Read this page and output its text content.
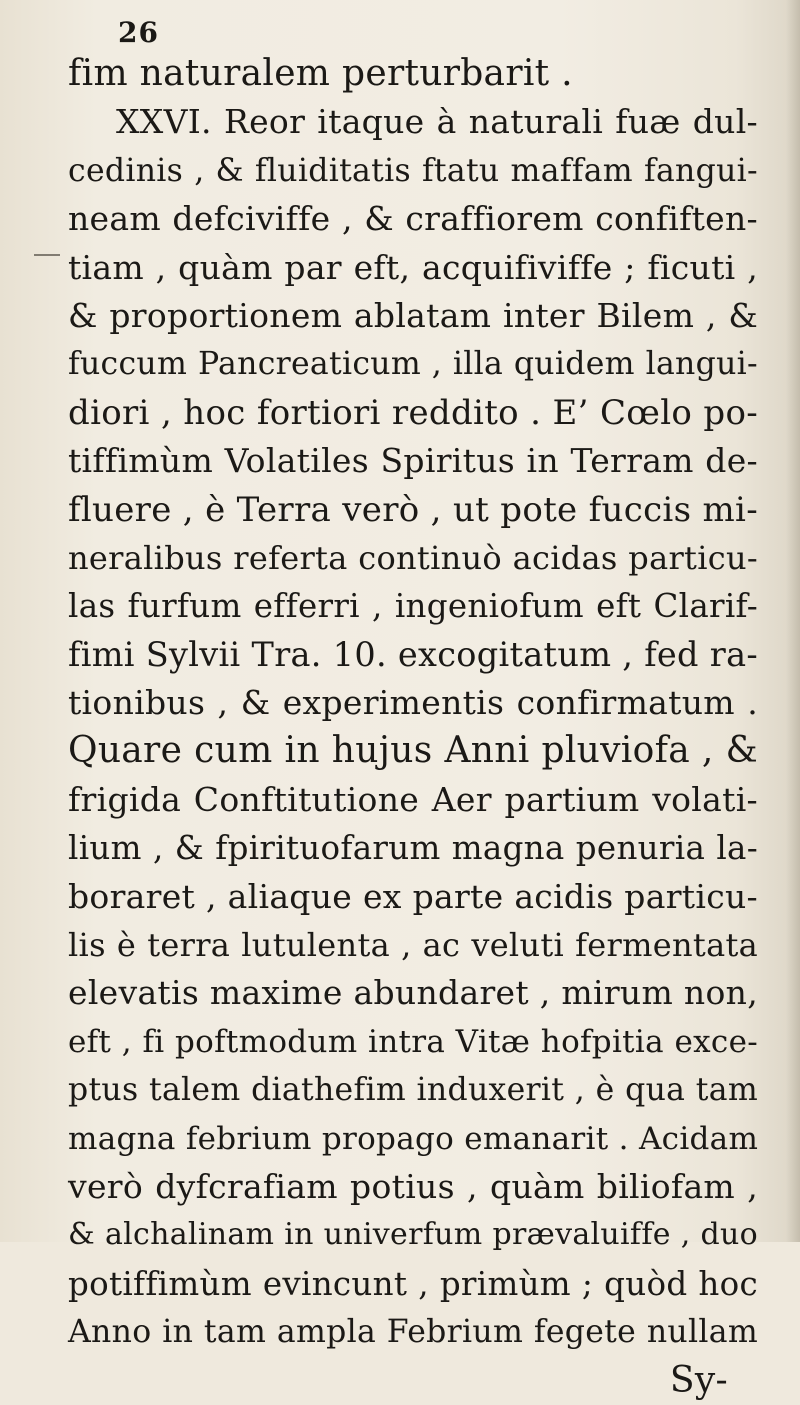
26

fim naturalem perturbarit .
XXVI. Reor itaque à naturali fuæ dul-
cedinis , & fluiditatis ftatu maffam fangui-
neam defciviffe , & craffiorem confiften-
tiam , quàm par eft, acquifiviffe ; ficuti ,
& proportionem ablatam inter Bilem , &
fuccum Pancreaticum , illa quidem langui-
diori , hoc fortiori reddito . E’ Cœlo po-
tiffimùm Volatiles Spiritus in Terram de-
fluere , è Terra verò , ut pote fuccis mi-
neralibus referta continuò acidas particu-
las furfum efferri , ingeniofum eft Clarif-
fimi Sylvii Tra. 10. excogitatum , fed ra-
tionibus , & experimentis confirmatum .
Quare cum in hujus Anni pluviofa , &
frigida Conftitutione Aer partium volati-
lium , & fpirituofarum magna penuria la-
boraret , aliaque ex parte acidis particu-
lis è terra lutulenta , ac veluti fermentata
elevatis maxime abundaret , mirum non,
eft , fi poftmodum intra Vitæ hofpitia exce-
ptus talem diathefim induxerit , è qua tam
magna febrium propago emanarit . Acidam
verò dyfcrafiam potius , quàm biliofam ,
& alchalinam in univerfum prævaluiffe , duo
potiffimùm evincunt , primùm ; quòd hoc
Anno in tam ampla Febrium fegete nullam
Sy-
